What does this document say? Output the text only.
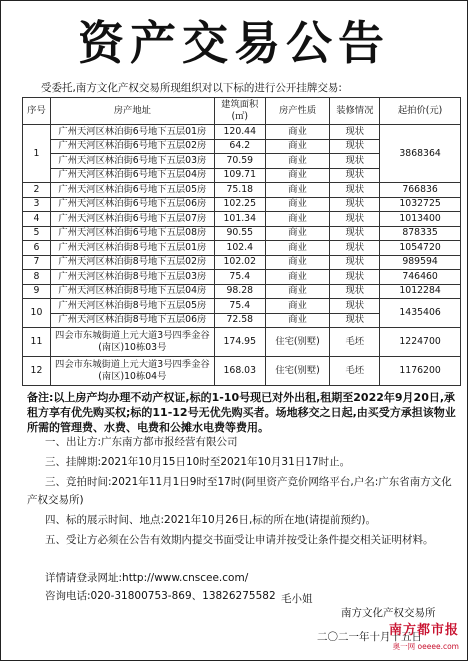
资产交易公告
受委托,南方文化产权交易所现组织对以下标的进行公开挂牌交易:
序号	房产地址	建筑面积(㎡)	房产性质	装修情况	起拍价(元)
1	广州天河区林泊街6号地下五层01房	120.44	商业	现状	3868364
	广州天河区林泊街6号地下五层02房	64.2	商业	现状	
	广州天河区林泊街6号地下五层03房	70.59	商业	现状	
	广州天河区林泊街6号地下五层04房	109.71	商业	现状	
2	广州天河区林泊街6号地下五层05房	75.18	商业	现状	766836
3	广州天河区林泊街6号地下五层06房	102.25	商业	现状	1032725
4	广州天河区林泊街6号地下五层07房	101.34	商业	现状	1013400
5	广州天河区林泊街6号地下五层08房	90.55	商业	现状	878335
6	广州天河区林泊街8号地下五层01房	102.4	商业	现状	1054720
7	广州天河区林泊街8号地下五层02房	102.02	商业	现状	989594
8	广州天河区林泊街8号地下五层03房	75.4	商业	现状	746460
9	广州天河区林泊街8号地下五层04房	98.28	商业	现状	1012284
10	广州天河区林泊街8号地下五层05房	75.4	商业	现状	1435406
	广州天河区林泊街8号地下五层06房	72.58	商业	现状	
11	四会市东城街道上元大道3号四季金谷(南区)10栋03号	174.95	住宅(别墅)	毛坯	1224700
12	四会市东城街道上元大道3号四季金谷(南区)10栋04号	168.03	住宅(别墅)	毛坯	1176200
备注:以上房产均办理不动产权证,标的1-10号现已对外出租,租期至2022年9月20日,承租方享有优先购买权;标的11-12号无优先购买者。场地移交之日起,由买受方承担该物业所需的管理费、水费、电费和公摊水电费等费用。
一、出让方:广东南方都市报经营有限公司
三、挂牌期:2021年10月15日10时至2021年10月31日17时止。
三、竞拍时间:2021年11月1日9时至17时(阿里资产竞价网络平台,户名:广东省南方文化产权交易所)
四、标的展示时间、地点:2021年10月26日,标的所在地(请提前预约)。
五、受让方必须在公告有效期内提交书面受让申请并按受让条件提交相关证明材料。
详情请登录网址:http://www.cnscee.com/
咨询电话:020-31800753-869、13826275582 毛小姐
南方文化产权交易所
二〇二一年十月十五日
南方都市报
奥一网 oeeee.com
